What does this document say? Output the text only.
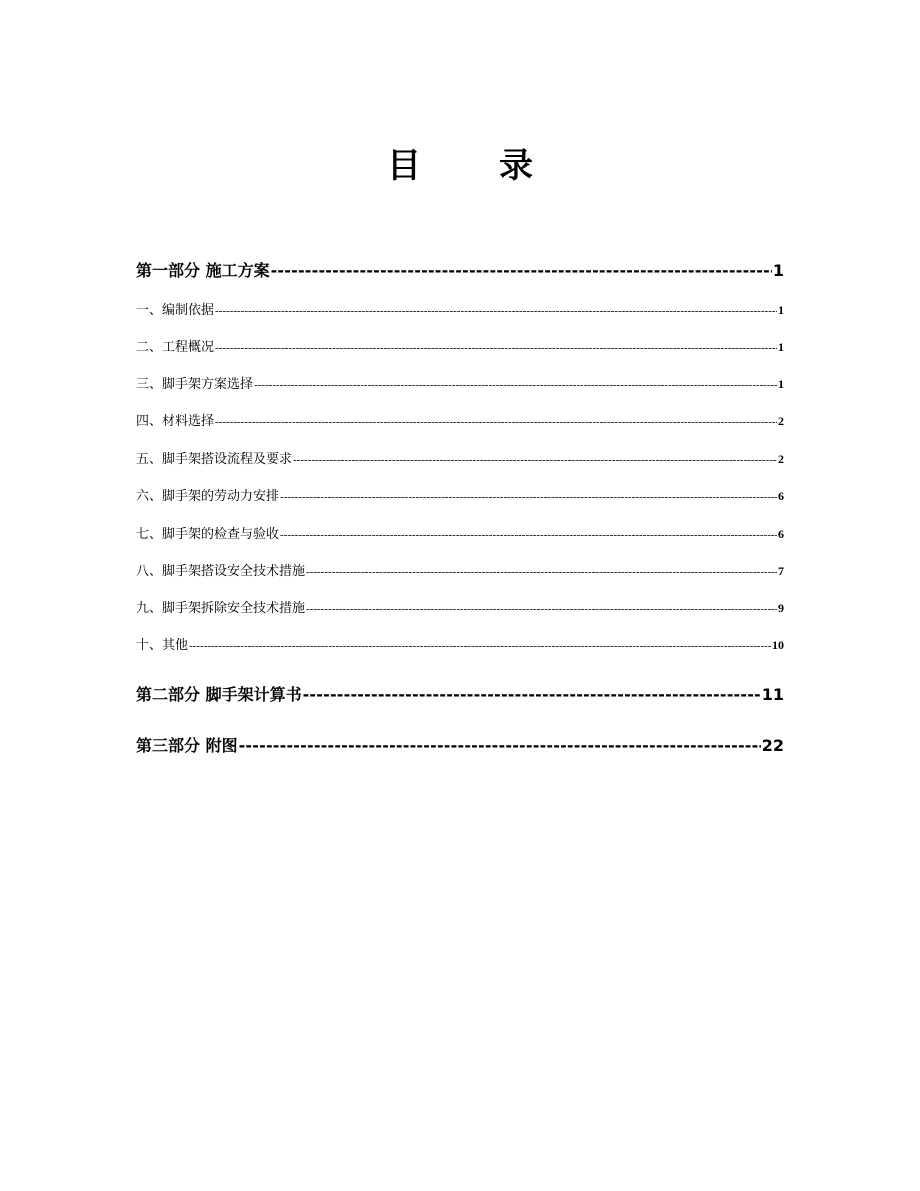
目 录
第一部分 施工方案 -----	1
一、编制依据 -----	1
二、工程概况 -----	1
三、脚手架方案选择 -----	1
四、材料选择 -----	2
五、脚手架搭设流程及要求 -----	2
六、脚手架的劳动力安排 -----	6
七、脚手架的检查与验收 -----	6
八、脚手架搭设安全技术措施 -----	7
九、脚手架拆除安全技术措施 -----	9
十、其他 -----	10
第二部分 脚手架计算书 -----	11
第三部分 附图 -----	22
